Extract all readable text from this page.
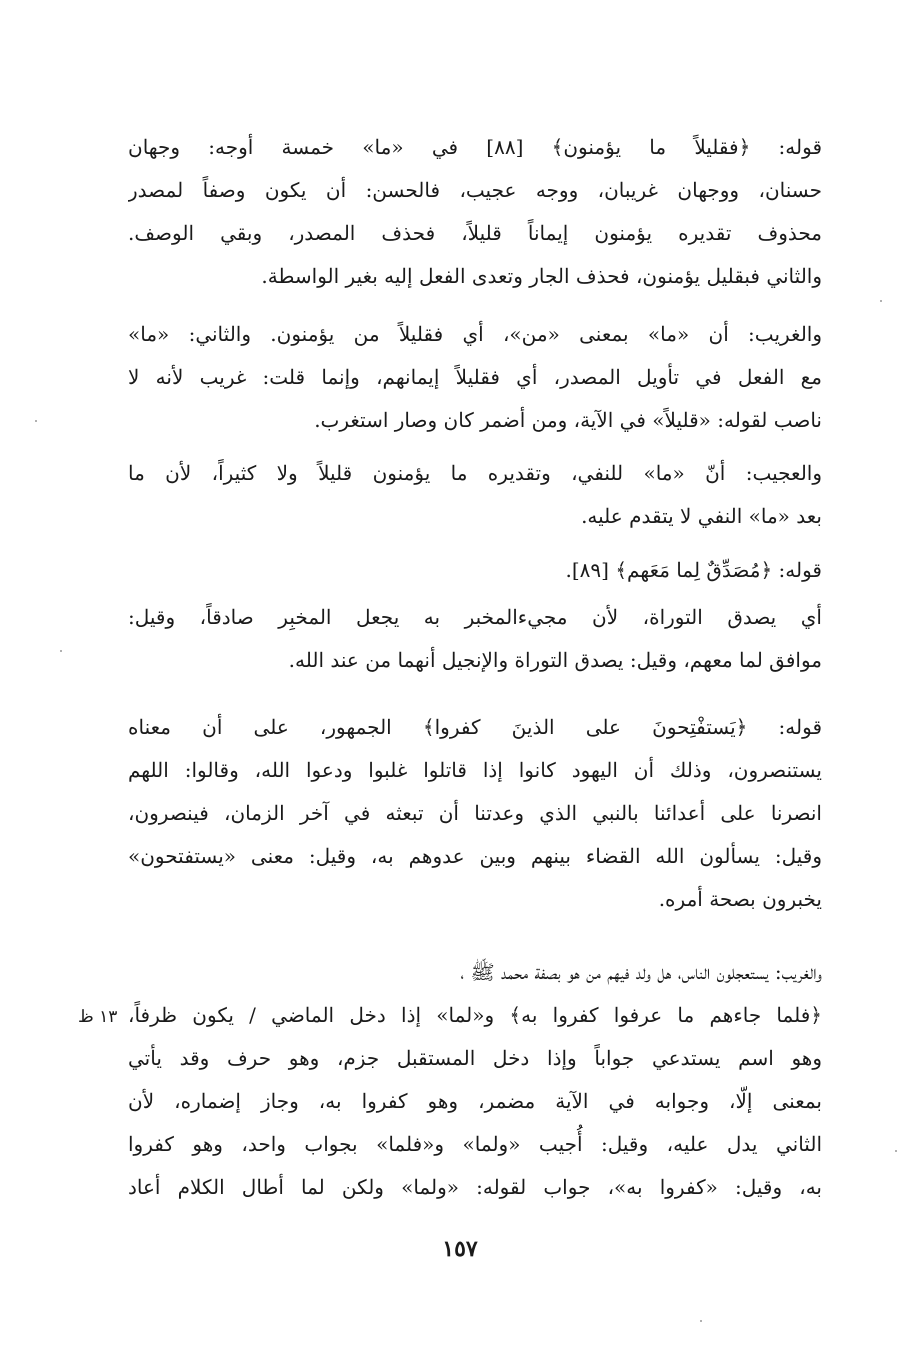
قوله: ﴿فقليلاً ما يؤمنون﴾ [٨٨] في «ما» خمسة أوجه: وجهان
حسنان، ووجهان غريبان، ووجه عجيب، فالحسن: أن يكون وصفاً لمصدر
محذوف تقديره يؤمنون إيماناً قليلاً، فحذف المصدر، وبقي الوصف.
والثاني فبقليل يؤمنون، فحذف الجار وتعدى الفعل إليه بغير الواسطة.
والغريب: أن «ما» بمعنى «من»، أي فقليلاً من يؤمنون. والثاني: «ما»
مع الفعل في تأويل المصدر، أي فقليلاً إيمانهم، وإنما قلت: غريب لأنه لا
ناصب لقوله: «قليلاً» في الآية، ومن أضمر كان وصار استغرب.
والعجيب: أنّ «ما» للنفي، وتقديره ما يؤمنون قليلاً ولا كثيراً، لأن ما
بعد «ما» النفي لا يتقدم عليه.
قوله: ﴿مُصَدِّقٌ لِما مَعَهم﴾ [٨٩].
أي يصدق التوراة، لأن مجيءالمخبر به يجعل المخبِر صادقاً، وقيل:
موافق لما معهم، وقيل: يصدق التوراة والإنجيل أنهما من عند الله.
قوله: ﴿يَستفْتِحونَ على الذينَ كفروا﴾ الجمهور، على أن معناه
يستنصرون، وذلك أن اليهود كانوا إذا قاتلوا غلبوا ودعوا الله، وقالوا: اللهم
انصرنا على أعدائنا بالنبي الذي وعدتنا أن تبعثه في آخر الزمان، فينصرون،
وقيل: يسألون الله القضاء بينهم وبين عدوهم به، وقيل: معنى «يستفتحون»
يخبرون بصحة أمره.
والغريب: يستعجلون الناس، هل ولد فيهم من هو بصفة محمد ﷺ ،
﴿فلما جاءهم ما عرفوا كفروا به﴾ و«لما» إذا دخل الماضي / يكون ظرفاً،
وهو اسم يستدعي جواباً وإذا دخل المستقبل جزم، وهو حرف وقد يأتي
بمعنى إلّا، وجوابه في الآية مضمر، وهو كفروا به، وجاز إضماره، لأن
الثاني يدل عليه، وقيل: أُجيب «ولما» و«فلما» بجواب واحد، وهو كفروا
به، وقيل: «كفروا به»، جواب لقوله: «ولما» ولكن لما أطال الكلام أعاد
١٣ ظ
١٥٧
